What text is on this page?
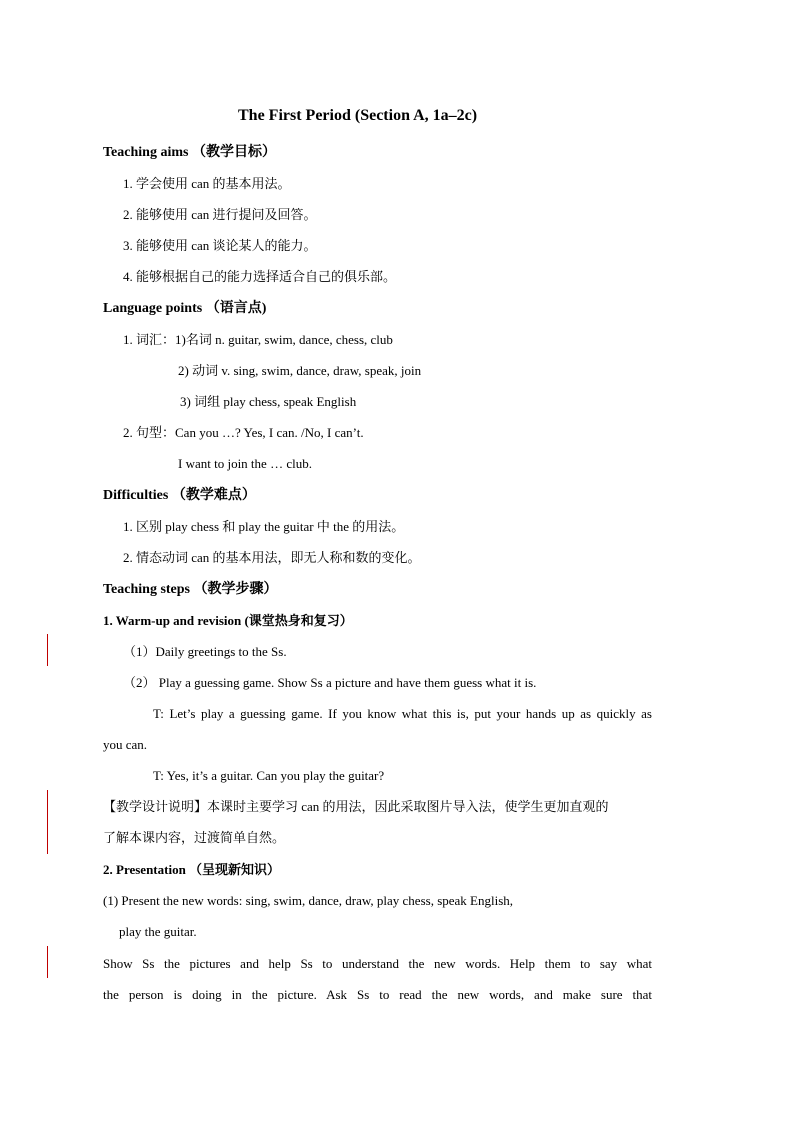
The First Period (Section A, 1a–2c)
Teaching aims （教学目标）
1. 学会使用 can 的基本用法。
2. 能够使用 can 进行提问及回答。
3. 能够使用 can 谈论某人的能力。
4. 能够根据自己的能力选择适合自己的俱乐部。
Language points （语言点)
1. 词汇：1)名词 n. guitar, swim, dance, chess, club
2) 动词 v. sing, swim, dance, draw, speak, join
3) 词组 play chess, speak English
2. 句型：Can you …? Yes, I can. /No, I can’t.
I want to join the … club.
Difficulties （教学难点）
1. 区别 play chess 和 play the guitar 中 the 的用法。
2. 情态动词 can 的基本用法，即无人称和数的变化。
Teaching steps （教学步骤）
1. Warm-up and revision (课堂热身和复习）
（1）Daily greetings to the Ss.
（2） Play a guessing game. Show Ss a picture and have them guess what it is.
T: Let’s play a guessing game. If you know what this is, put your hands up as quickly as
you can.
T: Yes, it’s a guitar. Can you play the guitar?
【教学设计说明】本课时主要学习 can 的用法，因此采取图片导入法，使学生更加直观的
了解本课内容，过渡简单自然。
2. Presentation （呈现新知识）
(1) Present the new words: sing, swim, dance, draw, play chess, speak English,
play the guitar.
Show Ss the pictures and help Ss to understand the new words. Help them to say what
the person is doing in the picture. Ask Ss to read the new words, and make sure that
